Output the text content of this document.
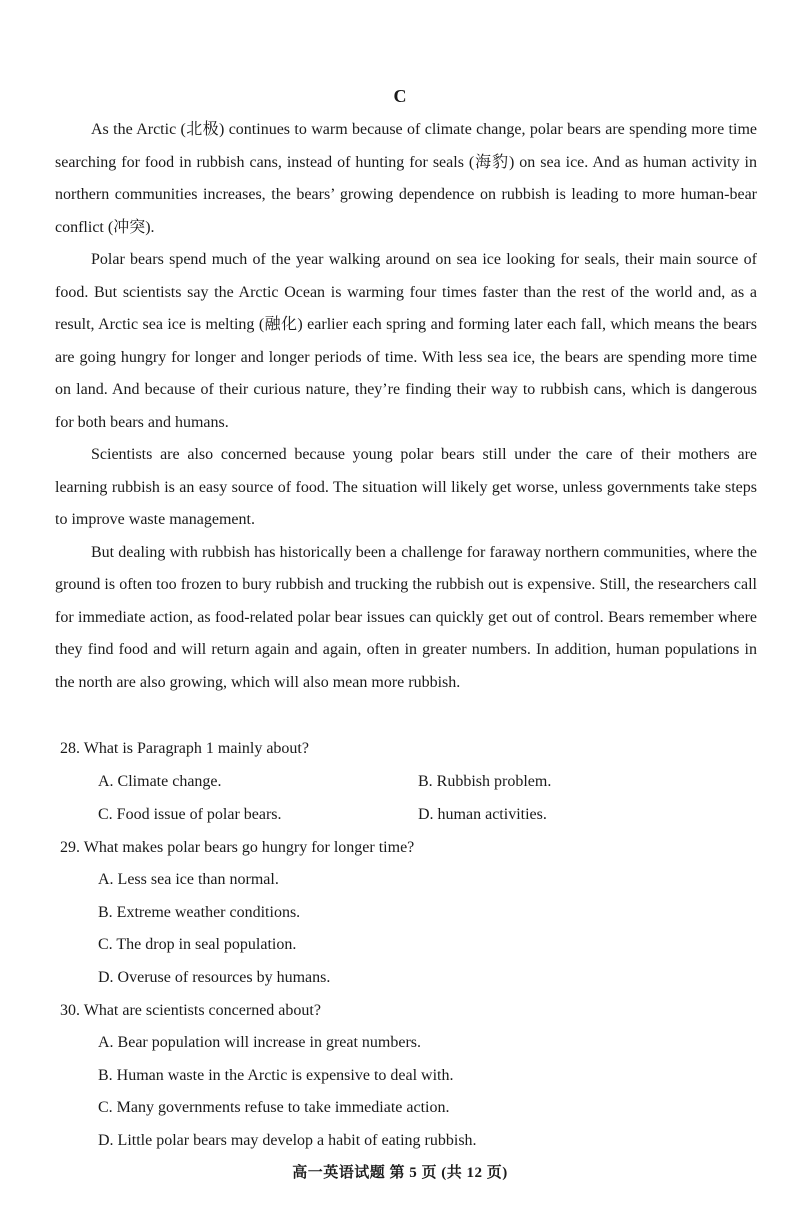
C

As the Arctic (北极) continues to warm because of climate change, polar bears are spending more time searching for food in rubbish cans, instead of hunting for seals (海豹) on sea ice. And as human activity in northern communities increases, the bears’ growing dependence on rubbish is leading to more human-bear conflict (冲突).

Polar bears spend much of the year walking around on sea ice looking for seals, their main source of food. But scientists say the Arctic Ocean is warming four times faster than the rest of the world and, as a result, Arctic sea ice is melting (融化) earlier each spring and forming later each fall, which means the bears are going hungry for longer and longer periods of time. With less sea ice, the bears are spending more time on land. And because of their curious nature, they’re finding their way to rubbish cans, which is dangerous for both bears and humans.

Scientists are also concerned because young polar bears still under the care of their mothers are learning rubbish is an easy source of food. The situation will likely get worse, unless governments take steps to improve waste management.

But dealing with rubbish has historically been a challenge for faraway northern communities, where the ground is often too frozen to bury rubbish and trucking the rubbish out is expensive. Still, the researchers call for immediate action, as food-related polar bear issues can quickly get out of control. Bears remember where they find food and will return again and again, often in greater numbers. In addition, human populations in the north are also growing, which will also mean more rubbish.

28. What is Paragraph 1 mainly about?
A. Climate change.	B. Rubbish problem.
C. Food issue of polar bears.	D. human activities.
29. What makes polar bears go hungry for longer time?
A. Less sea ice than normal.
B. Extreme weather conditions.
C. The drop in seal population.
D. Overuse of resources by humans.
30. What are scientists concerned about?
A. Bear population will increase in great numbers.
B. Human waste in the Arctic is expensive to deal with.
C. Many governments refuse to take immediate action.
D. Little polar bears may develop a habit of eating rubbish.
高一英语试题 第 5 页 (共 12 页)
